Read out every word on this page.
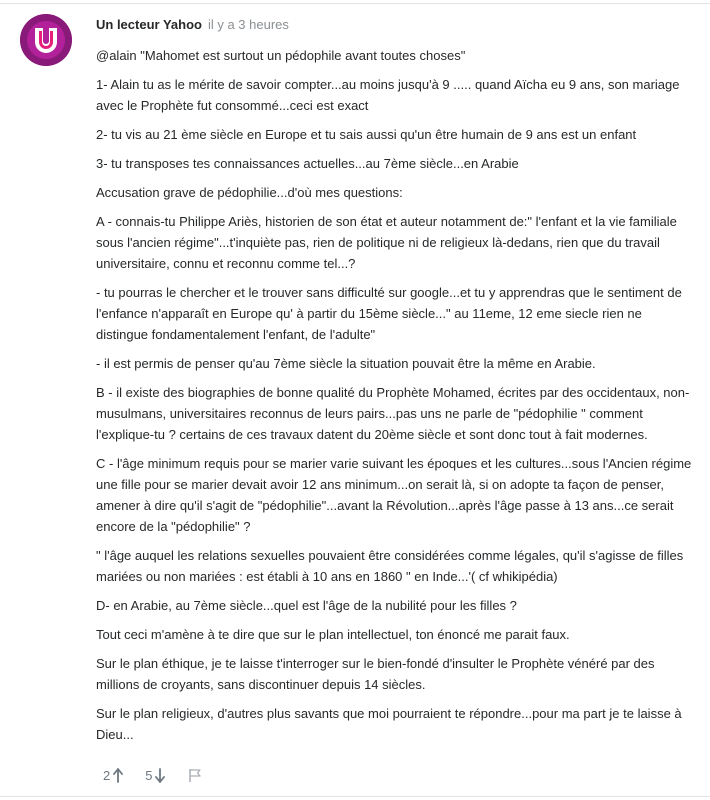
Un lecteur Yahoo il y a 3 heures

@alain "Mahomet est surtout un pédophile avant toutes choses"

1- Alain tu as le mérite de savoir compter...au moins jusqu'à 9 ..... quand Aïcha eu 9 ans, son mariage avec le Prophète fut consommé...ceci est exact

2- tu vis au 21 ème siècle en Europe et tu sais aussi qu'un être humain de 9 ans est un enfant

3- tu transposes tes connaissances actuelles...au 7ème siècle...en Arabie

Accusation grave de pédophilie...d'où mes questions:

A - connais-tu Philippe Ariès, historien de son état et auteur notamment de:" l'enfant et la vie familiale sous l'ancien régime"...t'inquiète pas, rien de politique ni de religieux là-dedans, rien que du travail universitaire, connu et reconnu comme tel...?

- tu pourras le chercher et le trouver sans difficulté sur google...et tu y apprendras que le sentiment de l'enfance n'apparaît en Europe qu' à partir du 15ème siècle..." au 11eme, 12 eme siecle rien ne distingue fondamentalement l'enfant, de l'adulte"

- il est permis de penser qu'au 7ème siècle la situation pouvait être la même en Arabie.

B - il existe des biographies de bonne qualité du Prophète Mohamed, écrites par des occidentaux, non-musulmans, universitaires reconnus de leurs pairs...pas uns ne parle de "pédophilie " comment l'explique-tu ? certains de ces travaux datent du 20ème siècle et sont donc tout à fait modernes.

C - l'âge minimum requis pour se marier varie suivant les époques et les cultures...sous l'Ancien régime une fille pour se marier devait avoir 12 ans minimum...on serait là, si on adopte ta façon de penser, amener à dire qu'il s'agit de "pédophilie"...avant la Révolution...après l'âge passe à 13 ans...ce serait encore de la "pédophilie" ?

" l'âge auquel les relations sexuelles pouvaient être considérées comme légales, qu'il s'agisse de filles mariées ou non mariées : est établi à 10 ans en 1860 " en Inde...'( cf whikipédia)

D- en Arabie, au 7ème siècle...quel est l'âge de la nubilité pour les filles ?

Tout ceci m'amène à te dire que sur le plan intellectuel, ton énoncé me parait faux.

Sur le plan éthique, je te laisse t'interroger sur le bien-fondé d'insulter le Prophète vénéré par des millions de croyants, sans discontinuer depuis 14 siècles.

Sur le plan religieux, d'autres plus savants que moi pourraient te répondre...pour ma part je te laisse à Dieu...

2	5
